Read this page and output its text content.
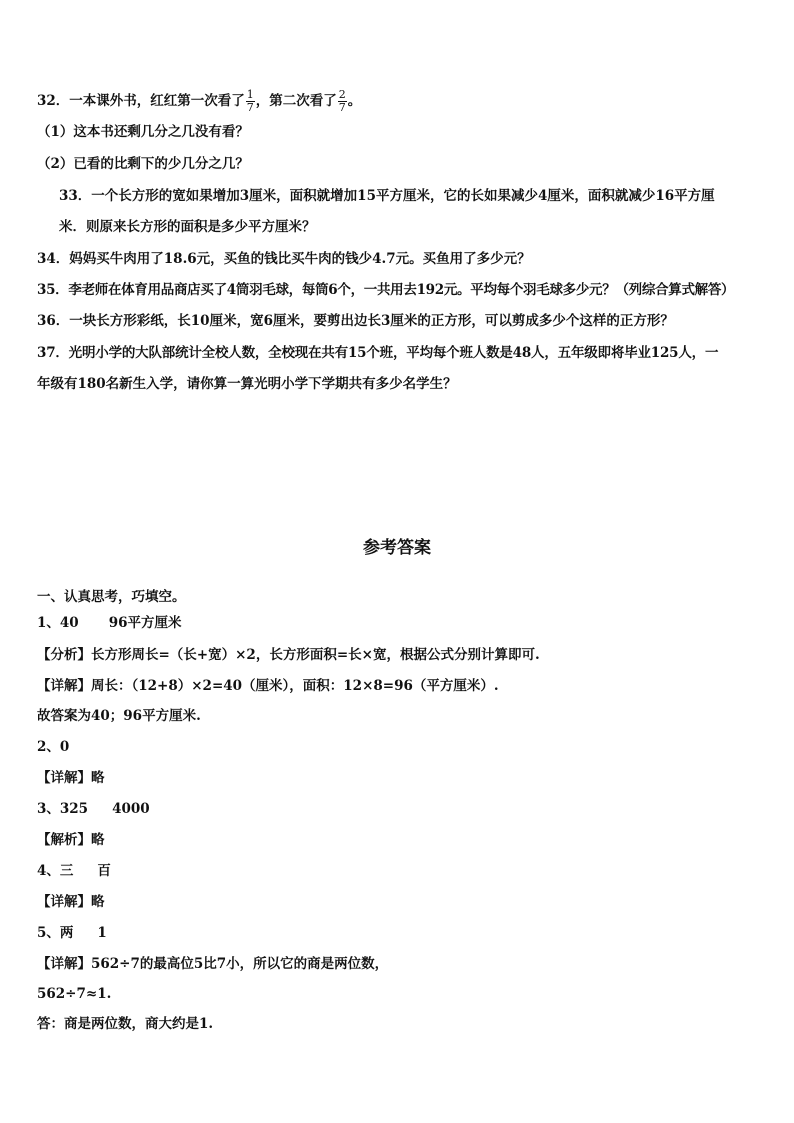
32．一本课外书，红红第一次看了 $\frac{1}{7}$ ，第二次看了 $\frac{2}{7}$ 。
（1）这本书还剩几分之几没有看？
（2）已看的比剩下的少几分之几？
33．一个长方形的宽如果增加3厘米，面积就增加15平方厘米，它的长如果减少4厘米，面积就减少16平方厘
米．则原来长方形的面积是多少平方厘米？
34．妈妈买牛肉用了18.6元，买鱼的钱比买牛肉的钱少4.7元。买鱼用了多少元？
35．李老师在体育用品商店买了4筒羽毛球，每筒6个，一共用去192元。平均每个羽毛球多少元？（列综合算式解答）
36．一块长方形彩纸，长10厘米，宽6厘米，要剪出边长3厘米的正方形，可以剪成多少个这样的正方形？
37．光明小学的大队部统计全校人数，全校现在共有15个班，平均每个班人数是48人，五年级即将毕业125人，一
年级有180名新生入学，请你算一算光明小学下学期共有多少名学生？
参考答案
一、认真思考，巧填空。
1、40 96平方厘米
【分析】长方形周长=（长+宽）×2，长方形面积=长×宽，根据公式分别计算即可.
【详解】周长：（12+8）×2=40（厘米），面积：12×8=96（平方厘米）.
故答案为40；96平方厘米.
2、0
【详解】略
3、325 4000
【解析】略
4、三 百
【详解】略
5、两 1
【详解】562÷7的最高位5比7小，所以它的商是两位数，
562÷7≈1.
答：商是两位数，商大约是1.
